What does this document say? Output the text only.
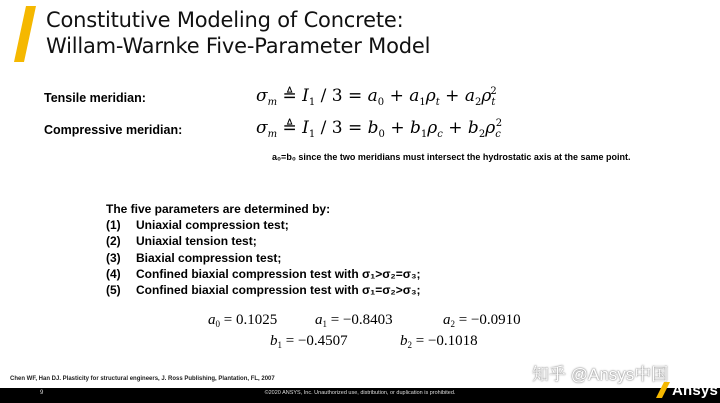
Constitutive Modeling of Concrete:
Willam-Warnke Five-Parameter Model
Tensile meridian:	$\sigma_m$ ≜ $I_1 / 3 = a_0 + a_1\rho_t + a_2\rho_t^2$
Compressive meridian:	$\sigma_m$ ≜ $I_1 / 3 = b_0 + b_1\rho_c + b_2\rho_c^2$
a₀=b₀ since the two meridians must intersect the hydrostatic axis at the same point.
The five parameters are determined by:
(1) Uniaxial compression test;
(2) Uniaxial tension test;
(3) Biaxial compression test;
(4) Confined biaxial compression test with σ₁>σ₂=σ₃;
(5) Confined biaxial compression test with σ₁=σ₂>σ₃;
$a_0 = 0.1025$	$a_1 = -0.8403$	$a_2 = -0.0910$
$b_1 = -0.4507$	$b_2 = -0.1018$
Chen WF, Han DJ. Plasticity for structural engineers, J. Ross Publishing, Plantation, FL, 2007
9	©2020 ANSYS, Inc. Unauthorized use, distribution, or duplication is prohibited.
知乎 @Ansys中国
Ansys
